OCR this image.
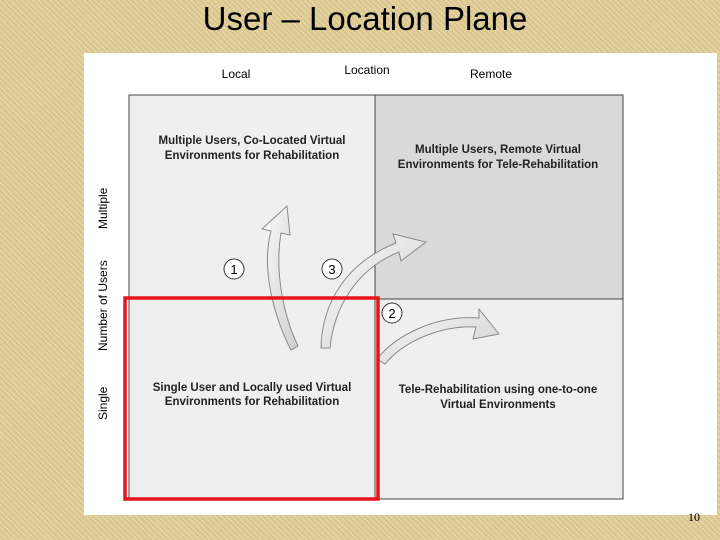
User – Location Plane
Local	Location	Remote
Multiple
Number of Users
Single
Multiple Users, Co-Located Virtual
Environments for Rehabilitation	Multiple Users, Remote Virtual
Environments for Tele-Rehabilitation
Single User and Locally used Virtual
Environments for Rehabilitation
Tele-Rehabilitation using one-to-one
Virtual Environments
1	3
2
10
